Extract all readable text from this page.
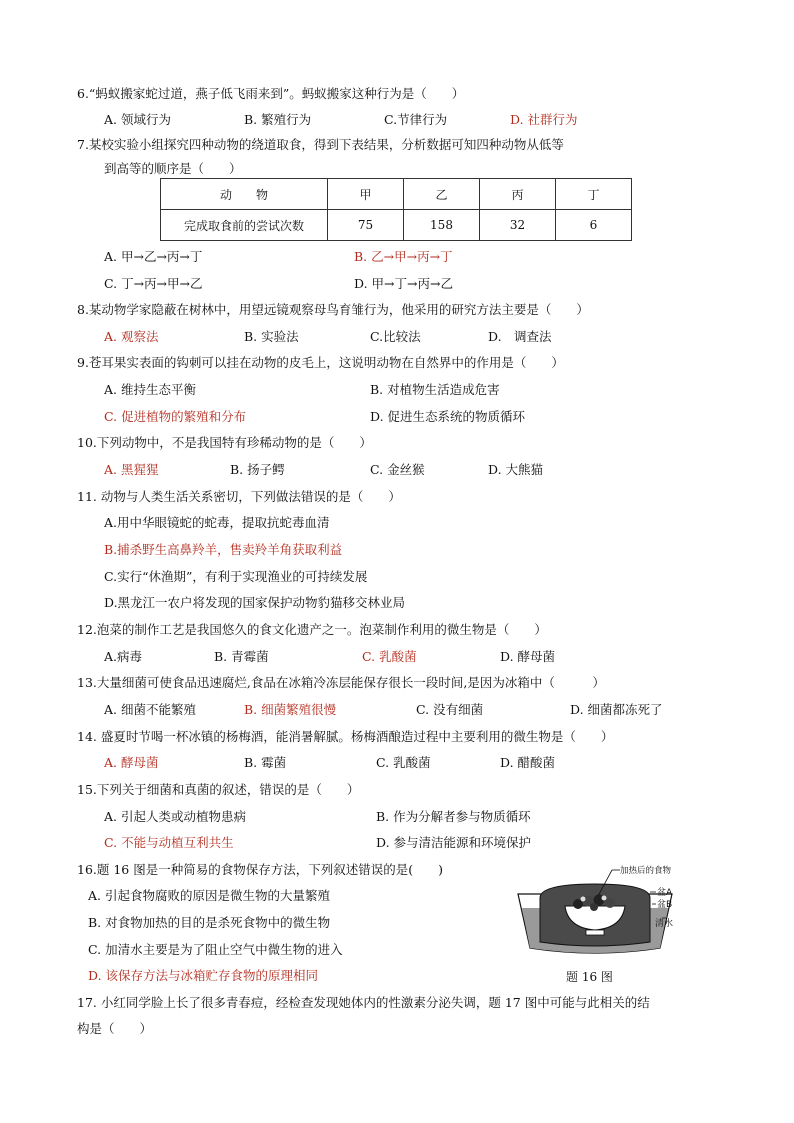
6.“蚂蚁搬家蛇过道，燕子低飞雨来到”。蚂蚁搬家这种行为是（　　）
A. 领域行为	B. 繁殖行为	C.节律行为	D. 社群行为
7.某校实验小组探究四种动物的绕道取食，得到下表结果，分析数据可知四种动物从低等
到高等的顺序是（　　）
动　　物	甲	乙	丙	丁
完成取食前的尝试次数	75	158	32	6
A. 甲→乙→丙→丁	B. 乙→甲→丙→丁
C. 丁→丙→甲→乙	D. 甲→丁→丙→乙
8.某动物学家隐蔽在树林中，用望远镜观察母鸟育雏行为，他采用的研究方法主要是（　　）
A. 观察法	B. 实验法	C.比较法	D.　调查法
9.苍耳果实表面的钩刺可以挂在动物的皮毛上，这说明动物在自然界中的作用是（　　）
A. 维持生态平衡	B. 对植物生活造成危害
C. 促进植物的繁殖和分布	D. 促进生态系统的物质循环
10.下列动物中，不是我国特有珍稀动物的是（　　）
A. 黑猩猩	B. 扬子鳄	C. 金丝猴	D. 大熊猫
11. 动物与人类生活关系密切，下列做法错误的是（　　）
A.用中华眼镜蛇的蛇毒，提取抗蛇毒血清
B.捕杀野生高鼻羚羊，售卖羚羊角获取利益
C.实行“休渔期”，有利于实现渔业的可持续发展
D.黑龙江一农户将发现的国家保护动物豹猫移交林业局
12.泡菜的制作工艺是我国悠久的食文化遗产之一。泡菜制作利用的微生物是（　　）
A.病毒	B. 青霉菌	C. 乳酸菌	D. 酵母菌
13.大量细菌可使食品迅速腐烂,食品在冰箱冷冻层能保存很长一段时间,是因为冰箱中（　　　）
A. 细菌不能繁殖	B. 细菌繁殖很慢	C. 没有细菌	D. 细菌都冻死了
14. 盛夏时节喝一杯冰镇的杨梅酒，能消暑解腻。杨梅酒酿造过程中主要利用的微生物是（　　）
A. 酵母菌	B. 霉菌	C. 乳酸菌	D. 醋酸菌
15.下列关于细菌和真菌的叙述，错误的是（　　）
A. 引起人类或动植物患病	B. 作为分解者参与物质循环
C. 不能与动植互利共生	D. 参与清洁能源和环境保护
16.题 16 图是一种简易的食物保存方法，下列叙述错误的是(　　)
A. 引起食物腐败的原因是微生物的大量繁殖
B. 对食物加热的目的是杀死食物中的微生物
C. 加清水主要是为了阻止空气中微生物的进入
D. 该保存方法与冰箱贮存食物的原理相同
加热后的食物
盆A
盆B
清水
题 16 图
17. 小红同学脸上长了很多青春痘，经检查发现她体内的性激素分泌失调，题 17 图中可能与此相关的结
构是（　　）
